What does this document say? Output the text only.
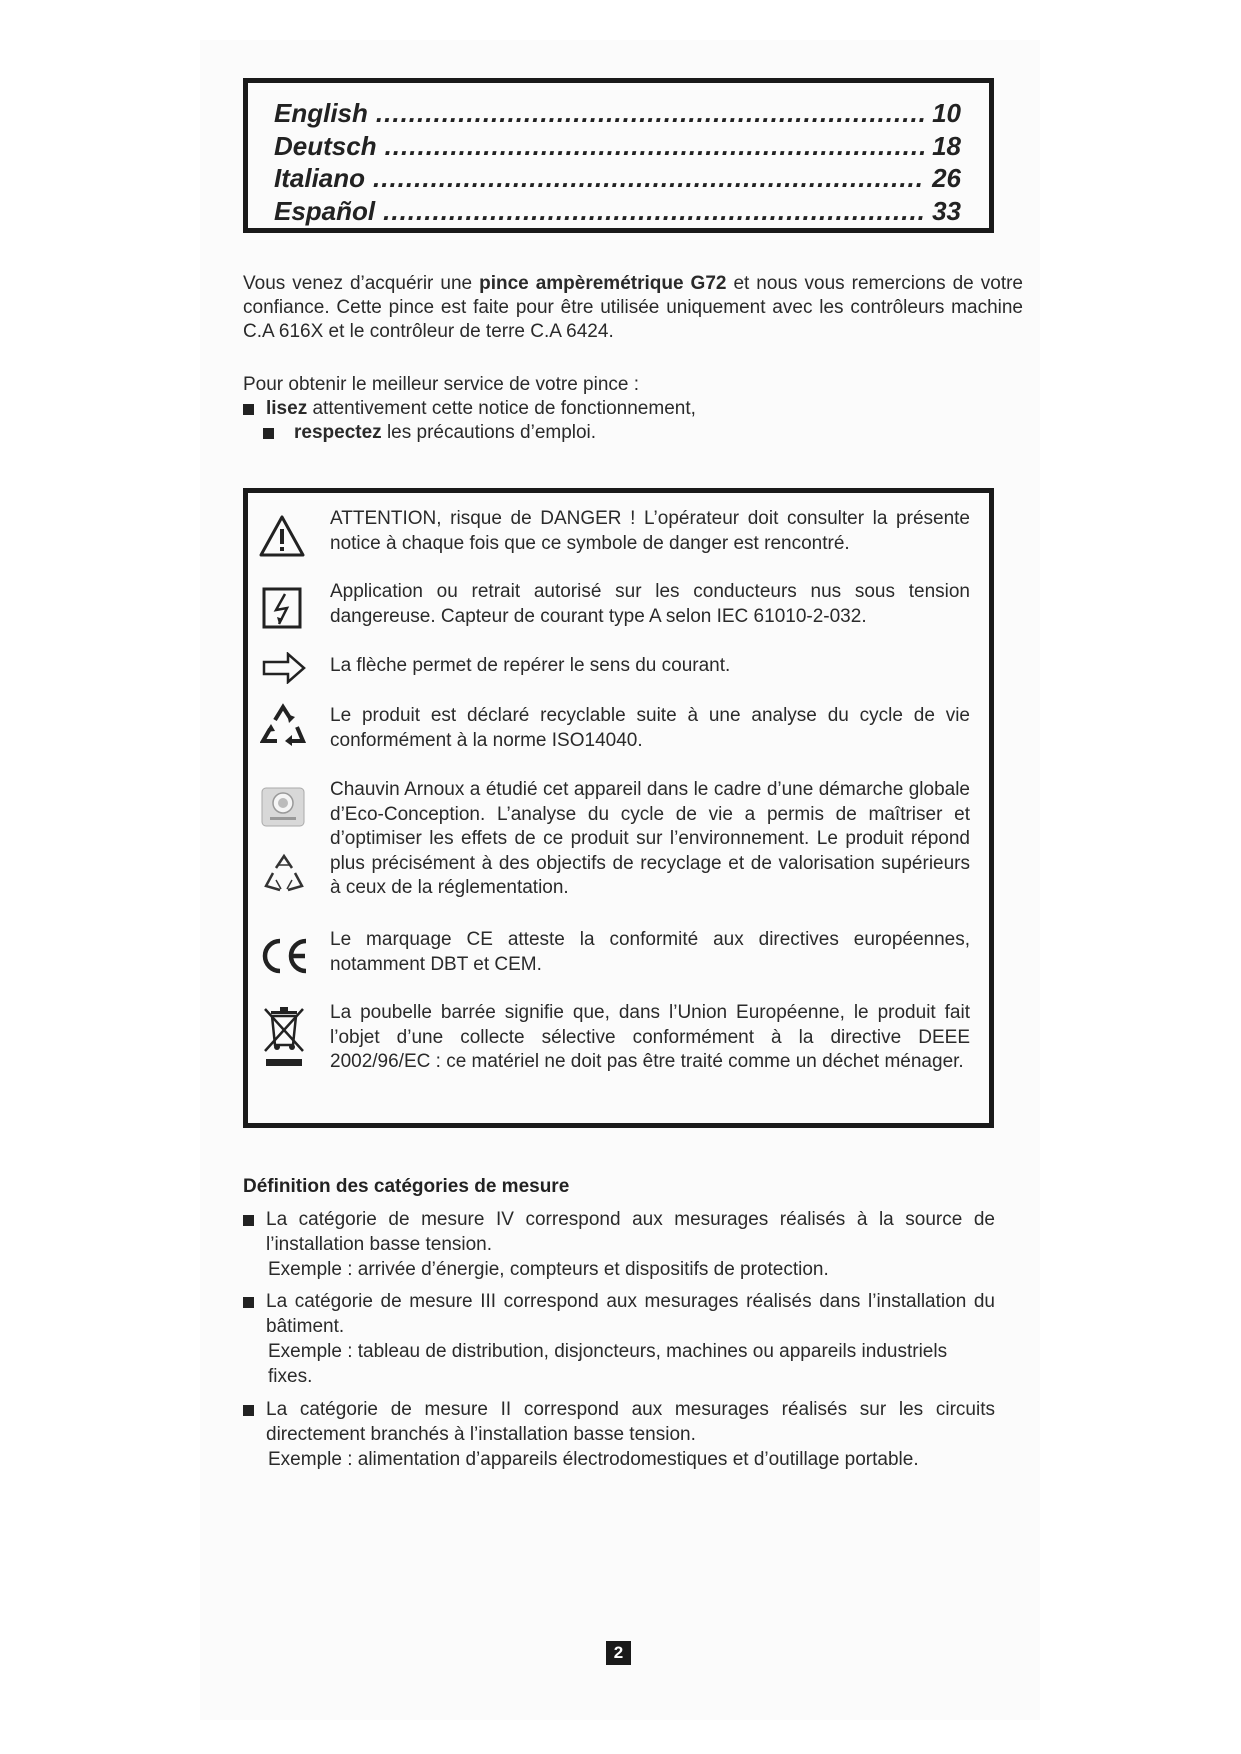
English .....	10
Deutsch .....	18
Italiano .....	26
Español .....	33
Vous venez d’acquérir une pince ampèremétrique G72 et nous vous remercions de votre confiance. Cette pince est faite pour être utilisée uniquement avec les contrôleurs machine C.A 616X et le contrôleur de terre C.A 6424.
Pour obtenir le meilleur service de votre pince :
lisez attentivement cette notice de fonctionnement,
respectez les précautions d’emploi.
ATTENTION, risque de DANGER ! L’opérateur doit consulter la présente notice à chaque fois que ce symbole de danger est rencontré.
Application ou retrait autorisé sur les conducteurs nus sous tension dangereuse. Capteur de courant type A selon IEC 61010-2-032.
La flèche permet de repérer le sens du courant.
Le produit est déclaré recyclable suite à une analyse du cycle de vie conformément à la norme ISO14040.
Chauvin Arnoux a étudié cet appareil dans le cadre d’une démarche globale d’Eco-Conception. L’analyse du cycle de vie a permis de maîtriser et d’optimiser les effets de ce produit sur l’environnement. Le produit répond plus précisément à des objectifs de recyclage et de valorisation supérieurs à ceux de la réglementation.
Le marquage CE atteste la conformité aux directives européennes, notamment DBT et CEM.
La poubelle barrée signifie que, dans l’Union Européenne, le produit fait l’objet d’une collecte sélective conformément à la directive DEEE 2002/96/EC : ce matériel ne doit pas être traité comme un déchet ménager.
Définition des catégories de mesure
La catégorie de mesure IV correspond aux mesurages réalisés à la source de l’installation basse tension.
Exemple : arrivée d’énergie, compteurs et dispositifs de protection.
La catégorie de mesure III correspond aux mesurages réalisés dans l’installation du bâtiment.
Exemple : tableau de distribution, disjoncteurs, machines ou appareils industriels fixes.
La catégorie de mesure II correspond aux mesurages réalisés sur les circuits directement branchés à l’installation basse tension.
Exemple : alimentation d’appareils électrodomestiques et d’outillage portable.
2
